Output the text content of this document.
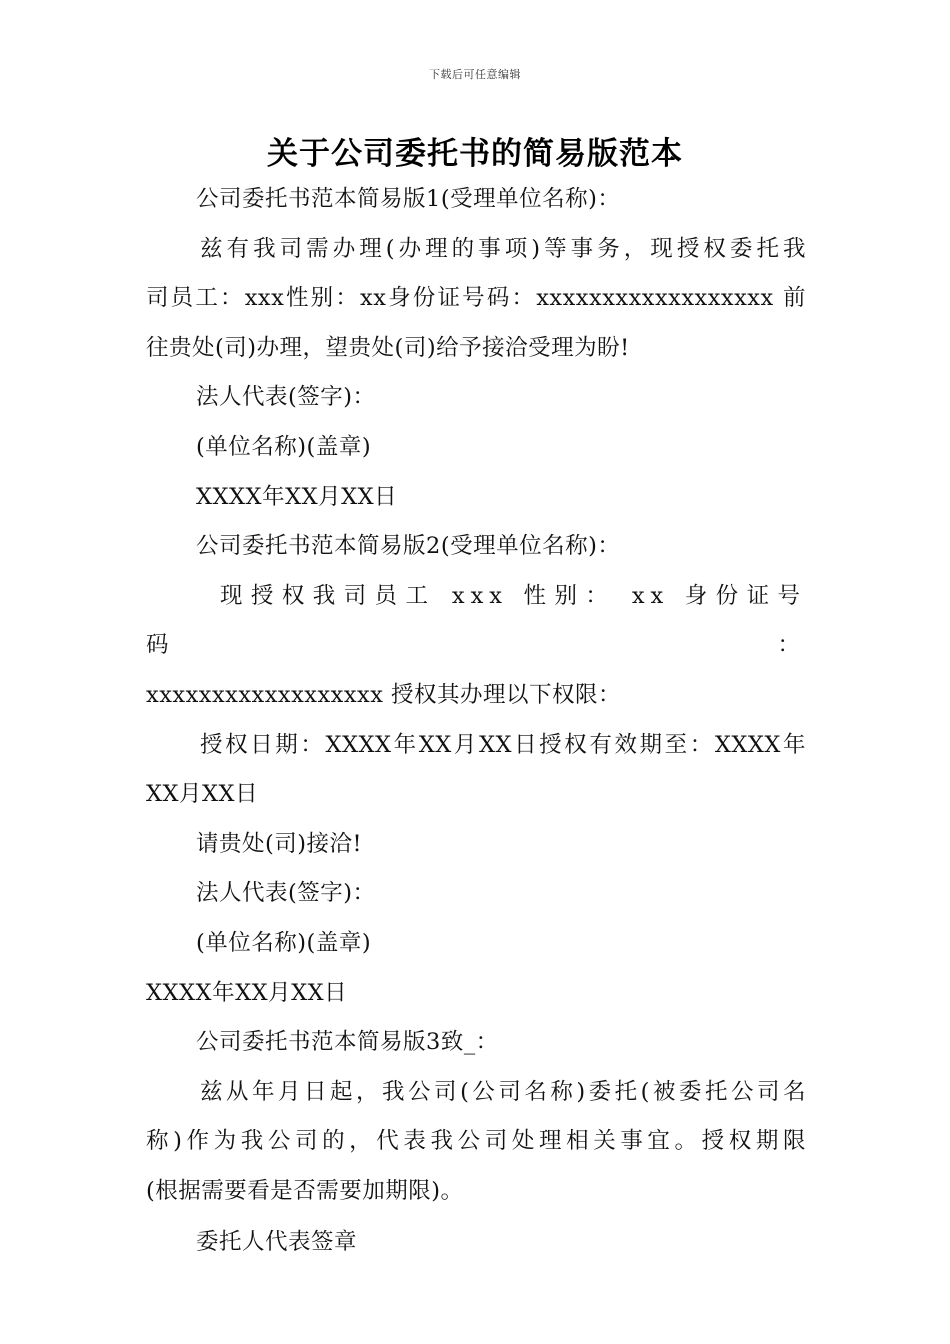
下载后可任意编辑
关于公司委托书的简易版范本

公司委托书范本简易版1(受理单位名称)：

兹有我司需办理(办理的事项)等事务，现授权委托我

司员工：xxx性别：xx身份证号码：xxxxxxxxxxxxxxxxxx 前

往贵处(司)办理，望贵处(司)给予接洽受理为盼!

法人代表(签字)：

(单位名称)(盖章)

XXXX年XX月XX日

公司委托书范本简易版2(受理单位名称)：

现授权我司员工 xxx 性别： xx 身份证号码：

xxxxxxxxxxxxxxxxxx 授权其办理以下权限：

授权日期：XXXX年XX月XX日授权有效期至：XXXX年

XX月XX日

请贵处(司)接洽!

法人代表(签字)：

(单位名称)(盖章)

XXXX年XX月XX日

公司委托书范本简易版3致_：

兹从年月日起，我公司(公司名称)委托(被委托公司名

称)作为我公司的，代表我公司处理相关事宜。授权期限

(根据需要看是否需要加期限)。

委托人代表签章
